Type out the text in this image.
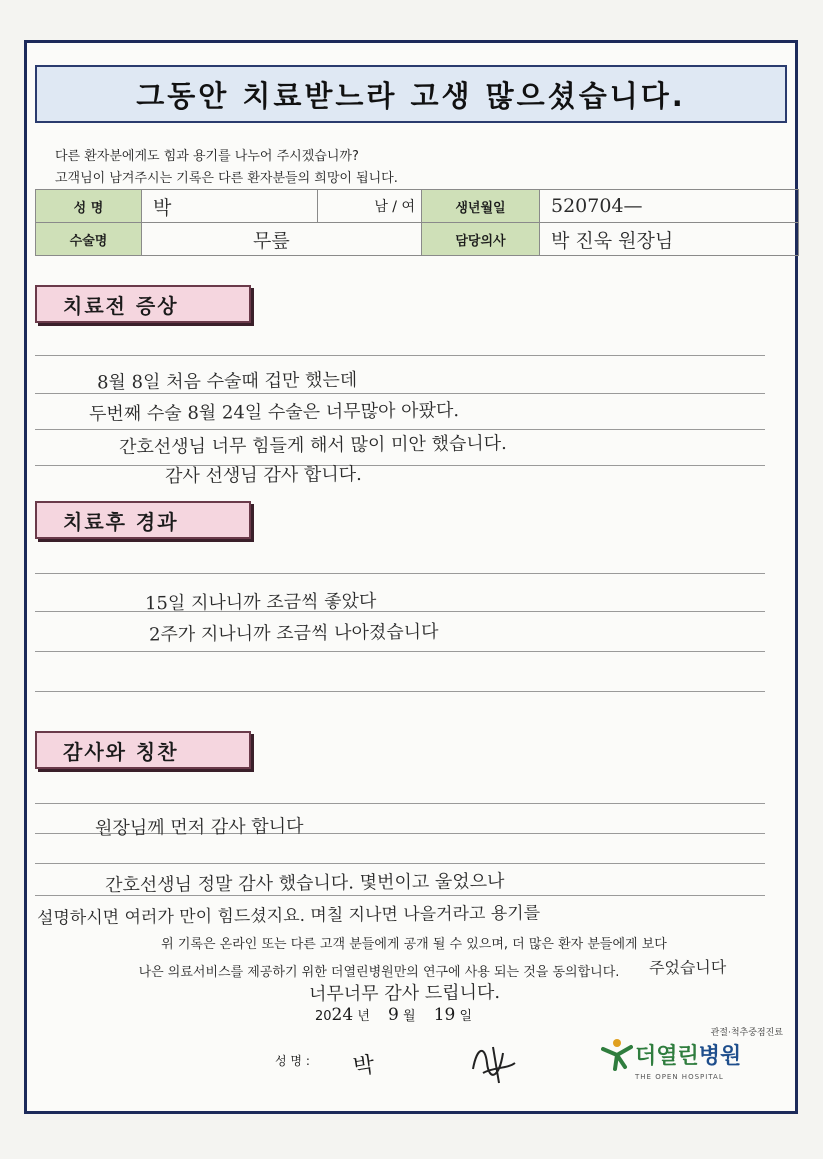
그동안 치료받느라 고생 많으셨습니다.
다른 환자분에게도 힘과 용기를 나누어 주시겠습니까?
고객님이 남겨주시는 기록은 다른 환자분들의 희망이 됩니다.
성 명	박	남 / 여	생년월일	520704—
수술명	무릎		담당의사	박 진욱 원장님
치료전 증상
8월 8일 처음 수술때 겁만 했는데
두번째 수술 8월 24일 수술은 너무많아 아팠다.
간호선생님 너무 힘들게 해서 많이 미안 했습니다.
감사 선생님 감사 합니다.
치료후 경과
15일 지나니까 조금씩 좋았다
2주가 지나니까 조금씩 나아졌습니다
감사와 칭찬
원장님께 먼저 감사 합니다
간호선생님 정말 감사 했습니다. 몇번이고 울었으나
설명하시면 여러가 만이 힘드셨지요. 며칠 지나면 나을거라고 용기를
주었습니다
너무너무 감사 드립니다.
위 기록은 온라인 또는 다른 고객 분들에게 공개 될 수 있으며, 더 많은 환자 분들에게 보다
나은 의료서비스를 제공하기 위한 더열린병원만의 연구에 사용 되는 것을 동의합니다.
2024 년 9 월 19 일
성 명 : 박
관절·척추중점진료
더열린병원
THE OPEN HOSPITAL
